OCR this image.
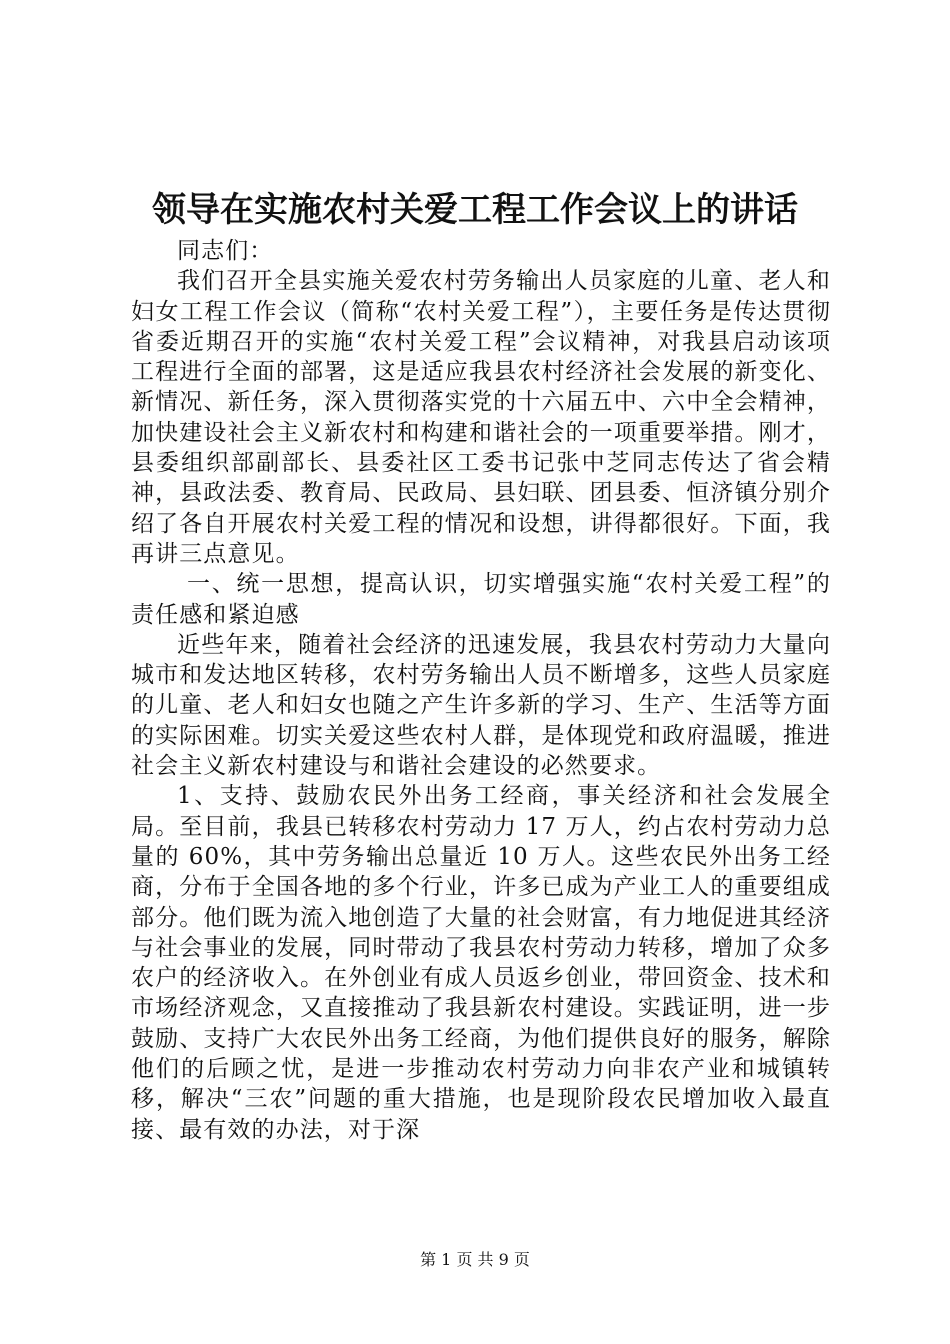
领导在实施农村关爱工程工作会议上的讲话

同志们：

我们召开全县实施关爱农村劳务输出人员家庭的儿童、老人和妇女工程工作会议（简称“农村关爱工程”），主要任务是传达贯彻省委近期召开的实施“农村关爱工程”会议精神，对我县启动该项工程进行全面的部署，这是适应我县农村经济社会发展的新变化、新情况、新任务，深入贯彻落实党的十六届五中、六中全会精神，加快建设社会主义新农村和构建和谐社会的一项重要举措。刚才，县委组织部副部长、县委社区工委书记张中芝同志传达了省会精神，县政法委、教育局、民政局、县妇联、团县委、恒济镇分别介绍了各自开展农村关爱工程的情况和设想，讲得都很好。下面，我再讲三点意见。

一、统一思想，提高认识，切实增强实施“农村关爱工程”的责任感和紧迫感

近些年来，随着社会经济的迅速发展，我县农村劳动力大量向城市和发达地区转移，农村劳务输出人员不断增多，这些人员家庭的儿童、老人和妇女也随之产生许多新的学习、生产、生活等方面的实际困难。切实关爱这些农村人群，是体现党和政府温暖，推进社会主义新农村建设与和谐社会建设的必然要求。

1、支持、鼓励农民外出务工经商，事关经济和社会发展全局。至目前，我县已转移农村劳动力 17 万人，约占农村劳动力总量的 60%，其中劳务输出总量近 10 万人。这些农民外出务工经商，分布于全国各地的多个行业，许多已成为产业工人的重要组成部分。他们既为流入地创造了大量的社会财富，有力地促进其经济与社会事业的发展，同时带动了我县农村劳动力转移，增加了众多农户的经济收入。在外创业有成人员返乡创业，带回资金、技术和市场经济观念，又直接推动了我县新农村建设。实践证明，进一步鼓励、支持广大农民外出务工经商，为他们提供良好的服务，解除他们的后顾之忧，是进一步推动农村劳动力向非农产业和城镇转移，解决“三农”问题的重大措施，也是现阶段农民增加收入最直接、最有效的办法，对于深

第 1 页 共 9 页
